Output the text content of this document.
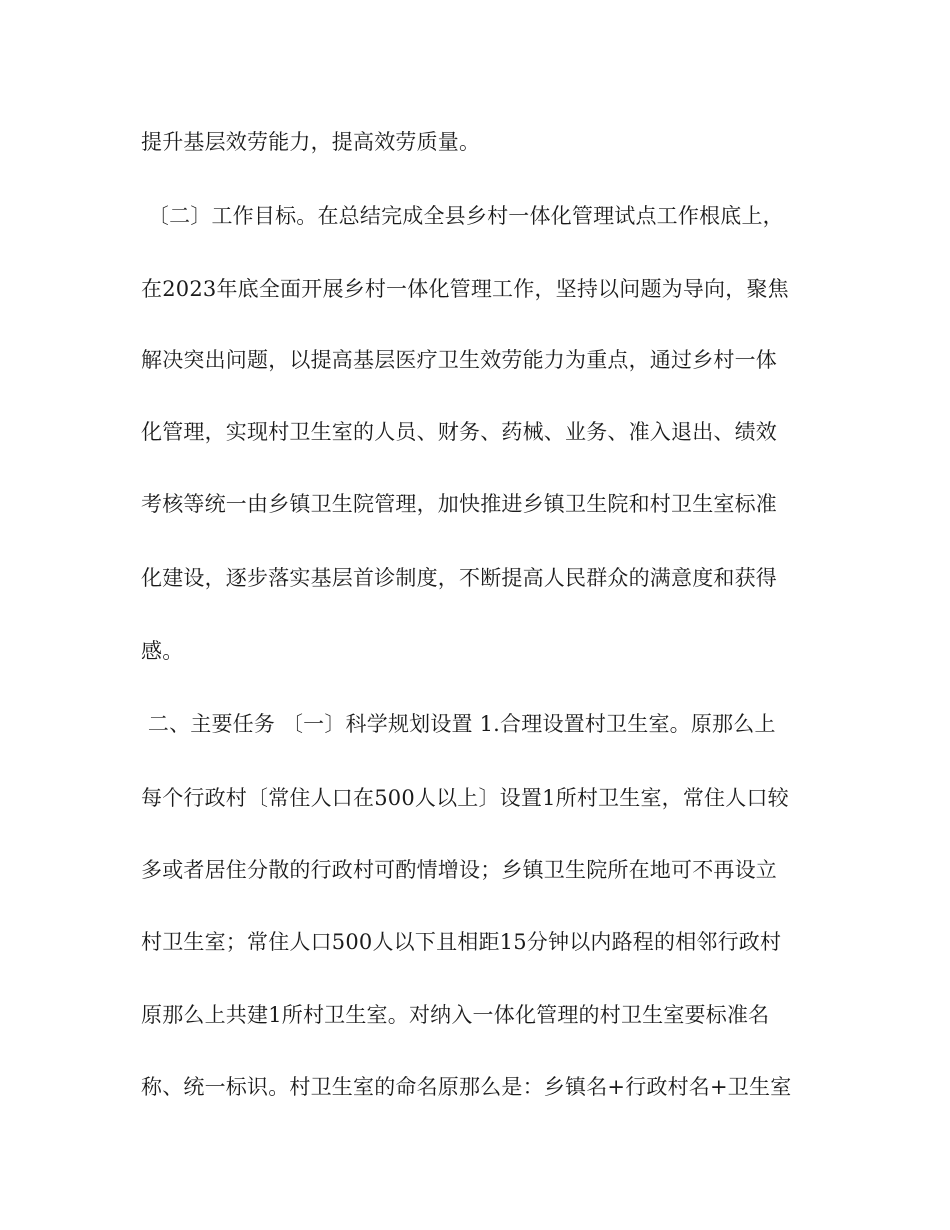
提升基层效劳能力，提高效劳质量。
〔二〕工作目标。在总结完成全县乡村一体化管理试点工作根底上，
在2023年底全面开展乡村一体化管理工作，坚持以问题为导向，聚焦
解决突出问题，以提高基层医疗卫生效劳能力为重点，通过乡村一体
化管理，实现村卫生室的人员、财务、药械、业务、准入退出、绩效
考核等统一由乡镇卫生院管理，加快推进乡镇卫生院和村卫生室标准
化建设，逐步落实基层首诊制度，不断提高人民群众的满意度和获得
感。
二、主要任务 〔一〕科学规划设置 1.合理设置村卫生室。原那么上
每个行政村〔常住人口在500人以上〕设置1所村卫生室，常住人口较
多或者居住分散的行政村可酌情增设；乡镇卫生院所在地可不再设立
村卫生室；常住人口500人以下且相距15分钟以内路程的相邻行政村
原那么上共建1所村卫生室。对纳入一体化管理的村卫生室要标准名
称、统一标识。村卫生室的命名原那么是：乡镇名+行政村名+卫生室
